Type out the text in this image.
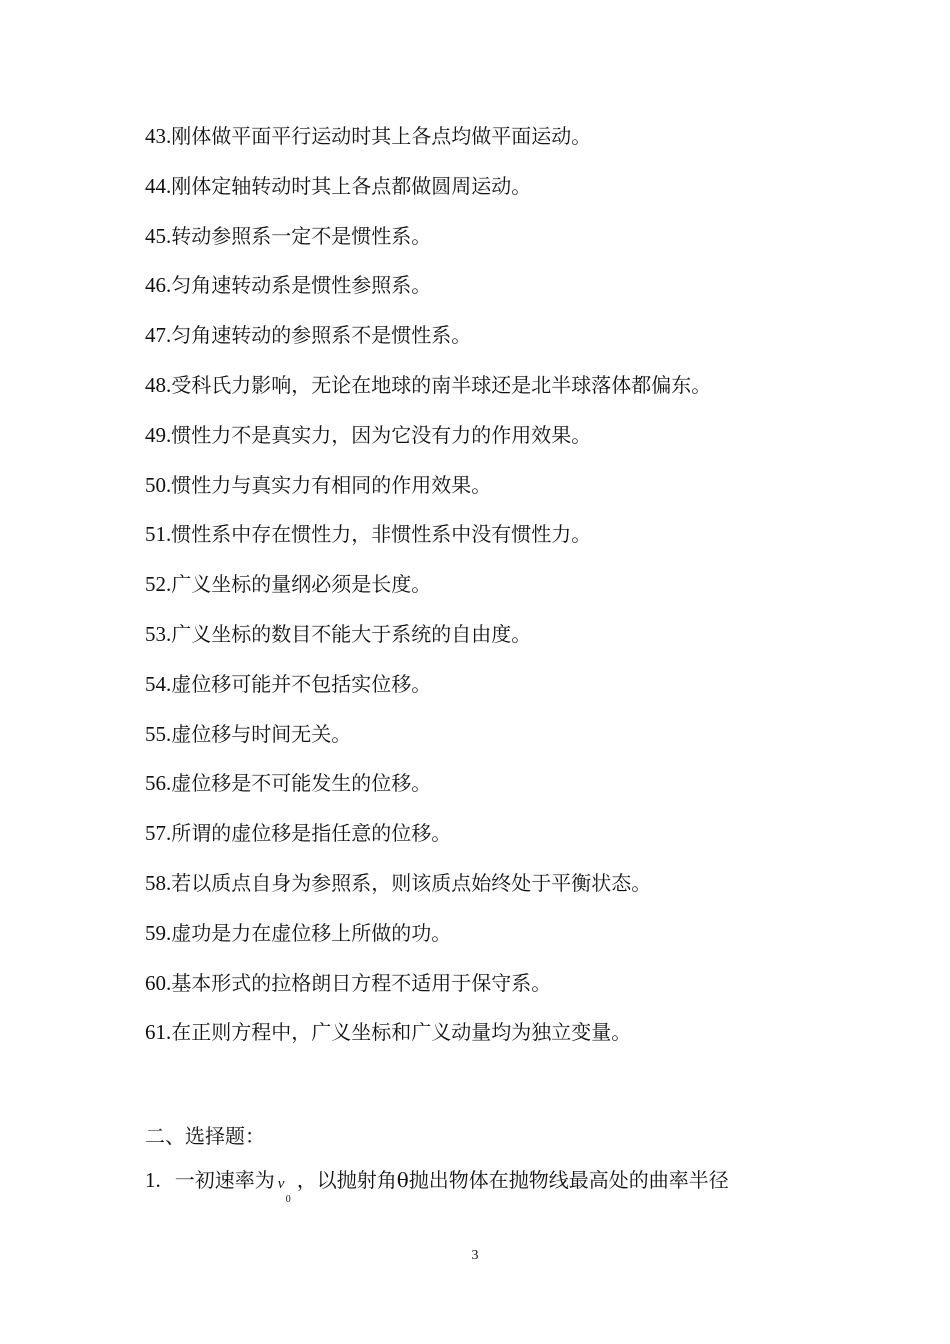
43.刚体做平面平行运动时其上各点均做平面运动。
44.刚体定轴转动时其上各点都做圆周运动。
45.转动参照系一定不是惯性系。
46.匀角速转动系是惯性参照系。
47.匀角速转动的参照系不是惯性系。
48.受科氏力影响，无论在地球的南半球还是北半球落体都偏东。
49.惯性力不是真实力，因为它没有力的作用效果。
50.惯性力与真实力有相同的作用效果。
51.惯性系中存在惯性力，非惯性系中没有惯性力。
52.广义坐标的量纲必须是长度。
53.广义坐标的数目不能大于系统的自由度。
54.虚位移可能并不包括实位移。
55.虚位移与时间无关。
56.虚位移是不可能发生的位移。
57.所谓的虚位移是指任意的位移。
58.若以质点自身为参照系，则该质点始终处于平衡状态。
59.虚功是力在虚位移上所做的功。
60.基本形式的拉格朗日方程不适用于保守系。
61.在正则方程中，广义坐标和广义动量均为独立变量。
二、选择题：
1. 一初速率为 v
0
，以抛射角θ抛出物体在抛物线最高处的曲率半径
3
